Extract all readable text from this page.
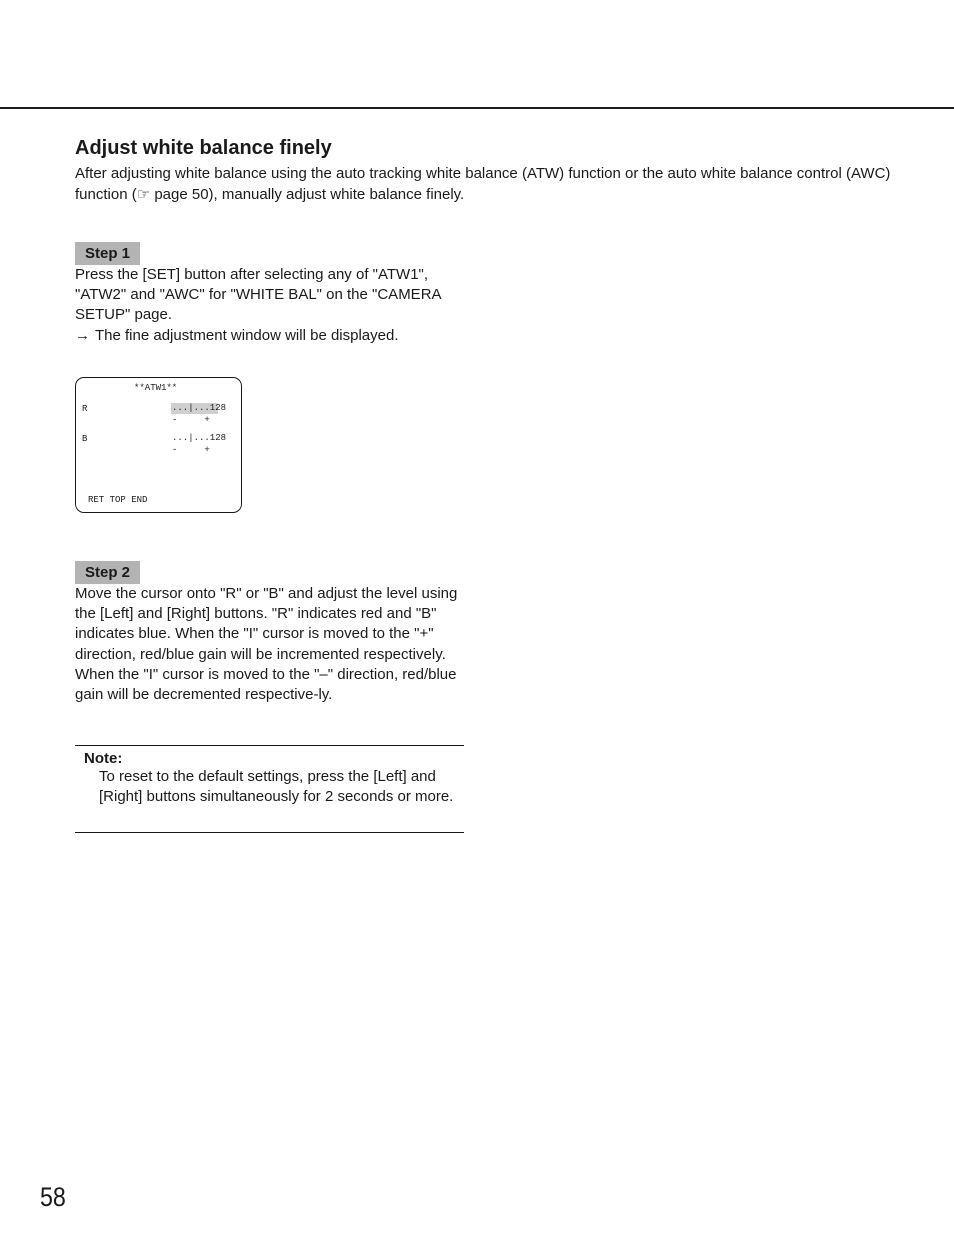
Adjust white balance finely

After adjusting white balance using the auto tracking white balance (ATW) function or the auto white balance control (AWC) function (☞ page 50), manually adjust white balance finely.

Step 1

Press the [SET] button after selecting any of "ATW1", "ATW2" and "AWC" for "WHITE BAL" on the "CAMERA SETUP" page.

→ The fine adjustment window will be displayed.

**ATW1**
R	...|...128
-     +
B	...|...128
-     +
RET TOP END
Step 2

Move the cursor onto "R" or "B" and adjust the level using the [Left] and [Right] buttons. "R" indicates red and "B" indicates blue. When the "I" cursor is moved to the "+" direction, red/blue gain will be incremented respectively. When the "I" cursor is moved to the "–" direction, red/blue gain will be decremented respective-ly.

Note:

To reset to the default settings, press the [Left] and [Right] buttons simultaneously for 2 seconds or more.

58
